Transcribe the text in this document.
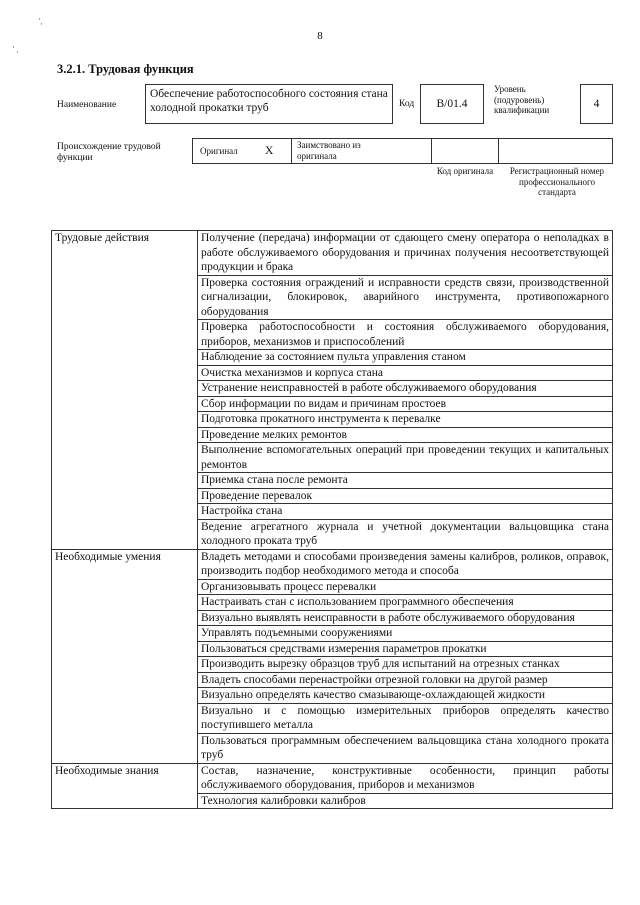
· ·
· ·
8
3.2.1. Трудовая функция
Наименование
Обеспечение работоспособного состояния стана холодной прокатки труб	Код	B/01.4
Уровень (подуровень) квалификации	4
Происхождение трудовой функции
Оригинал X	Заимствовано из оригинала
Код оригинала	Регистрационный номер профессионального стандарта
Трудовые действия	Получение (передача) информации от сдающего смену оператора о неполадках в работе обслуживаемого оборудования и причинах получения несоответствующей продукции и брака
	Проверка состояния ограждений и исправности средств связи, производственной сигнализации, блокировок, аварийного инструмента, противопожарного оборудования
	Проверка работоспособности и состояния обслуживаемого оборудования, приборов, механизмов и приспособлений
	Наблюдение за состоянием пульта управления станом
	Очистка механизмов и корпуса стана
	Устранение неисправностей в работе обслуживаемого оборудования
	Сбор информации по видам и причинам простоев
	Подготовка прокатного инструмента к перевалке
	Проведение мелких ремонтов
	Выполнение вспомогательных операций при проведении текущих и капитальных ремонтов
	Приемка стана после ремонта
	Проведение перевалок
	Настройка стана
	Ведение агрегатного журнала и учетной документации вальцовщика стана холодного проката труб
Необходимые умения	Владеть методами и способами произведения замены калибров, роликов, оправок, производить подбор необходимого метода и способа
	Организовывать процесс перевалки
	Настраивать стан с использованием программного обеспечения
	Визуально выявлять неисправности в работе обслуживаемого оборудования
	Управлять подъемными сооружениями
	Пользоваться средствами измерения параметров прокатки
	Производить вырезку образцов труб для испытаний на отрезных станках
	Владеть способами перенастройки отрезной головки на другой размер
	Визуально определять качество смазывающе-охлаждающей жидкости
	Визуально и с помощью измерительных приборов определять качество поступившего металла
	Пользоваться программным обеспечением вальцовщика стана холодного проката труб
Необходимые знания	Состав, назначение, конструктивные особенности, принцип работы обслуживаемого оборудования, приборов и механизмов
	Технология калибровки калибров
